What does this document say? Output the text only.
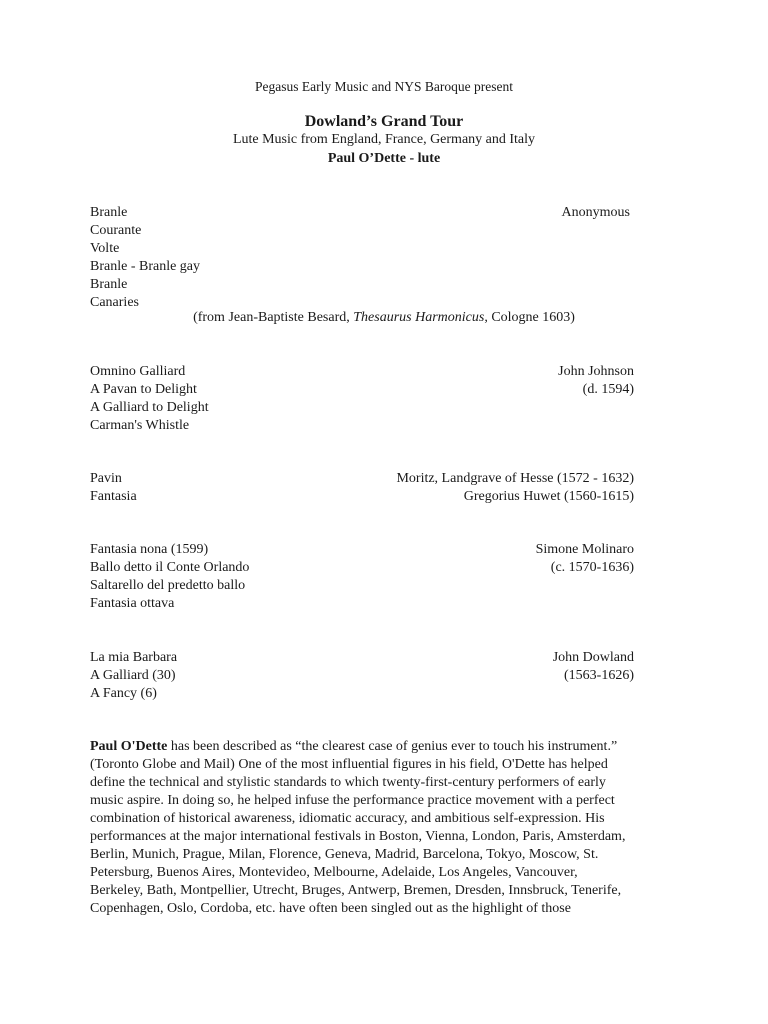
Pegasus Early Music and NYS Baroque present
Dowland’s Grand Tour
Lute Music from England, France, Germany and Italy
Paul O’Dette - lute
Branle	Anonymous
Courante
Volte
Branle - Branle gay
Branle
Canaries
(from Jean-Baptiste Besard, Thesaurus Harmonicus, Cologne 1603)
Omnino Galliard	John Johnson
A Pavan to Delight	(d. 1594)
A Galliard to Delight
Carman's Whistle
Pavin	Moritz, Landgrave of Hesse (1572 - 1632)
Fantasia	Gregorius Huwet (1560-1615)
Fantasia nona (1599)	Simone Molinaro
Ballo detto il Conte Orlando	(c. 1570-1636)
Saltarello del predetto ballo
Fantasia ottava
La mia Barbara	John Dowland
A Galliard (30)	(1563-1626)
A Fancy (6)
Paul O'Dette has been described as “the clearest case of genius ever to touch his instrument.”
(Toronto Globe and Mail) One of the most influential figures in his field, O'Dette has helped
define the technical and stylistic standards to which twenty-first-century performers of early
music aspire. In doing so, he helped infuse the performance practice movement with a perfect
combination of historical awareness, idiomatic accuracy, and ambitious self-expression. His
performances at the major international festivals in Boston, Vienna, London, Paris, Amsterdam,
Berlin, Munich, Prague, Milan, Florence, Geneva, Madrid, Barcelona, Tokyo, Moscow, St.
Petersburg, Buenos Aires, Montevideo, Melbourne, Adelaide, Los Angeles, Vancouver,
Berkeley, Bath, Montpellier, Utrecht, Bruges, Antwerp, Bremen, Dresden, Innsbruck, Tenerife,
Copenhagen, Oslo, Cordoba, etc. have often been singled out as the highlight of those
